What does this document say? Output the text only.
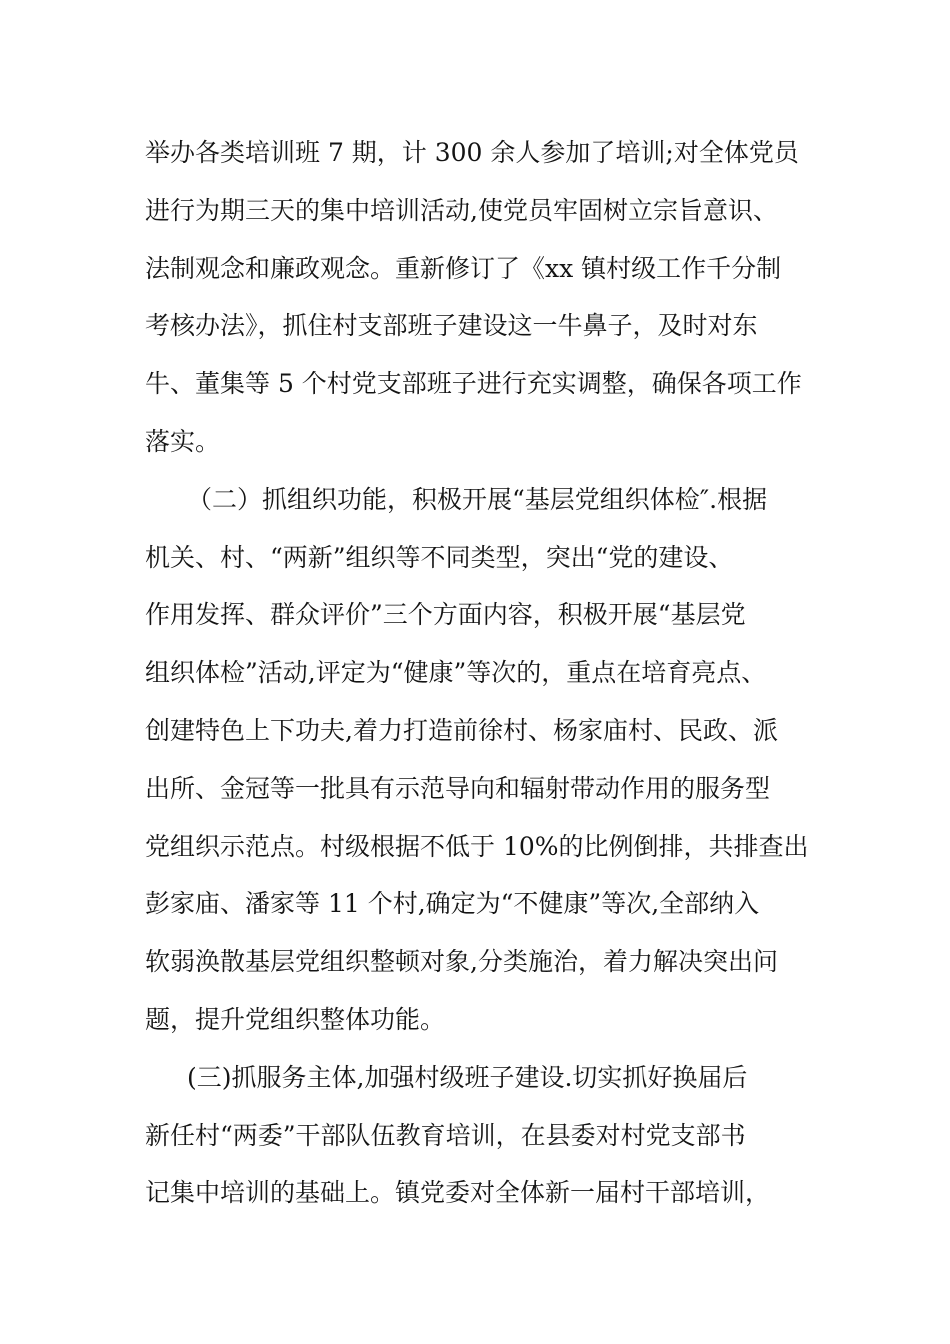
举办各类培训班 7 期，计 300 余人参加了培训;对全体党员
进行为期三天的集中培训活动,使党员牢固树立宗旨意识、
法制观念和廉政观念。重新修订了《xx 镇村级工作千分制
考核办法》，抓住村支部班子建设这一牛鼻子，及时对东
牛、董集等 5 个村党支部班子进行充实调整，确保各项工作
落实。
（二）抓组织功能，积极开展“基层党组织体检″.根据
机关、村、“两新”组织等不同类型，突出“党的建设、
作用发挥、群众评价”三个方面内容，积极开展“基层党
组织体检”活动,评定为“健康”等次的，重点在培育亮点、
创建特色上下功夫,着力打造前徐村、杨家庙村、民政、派
出所、金冠等一批具有示范导向和辐射带动作用的服务型
党组织示范点。村级根据不低于 10%的比例倒排，共排查出
彭家庙、潘家等 11 个村,确定为“不健康”等次,全部纳入
软弱涣散基层党组织整顿对象,分类施治，着力解决突出问
题，提升党组织整体功能。
(三)抓服务主体,加强村级班子建设.切实抓好换届后
新任村“两委”干部队伍教育培训，在县委对村党支部书
记集中培训的基础上。镇党委对全体新一届村干部培训，
